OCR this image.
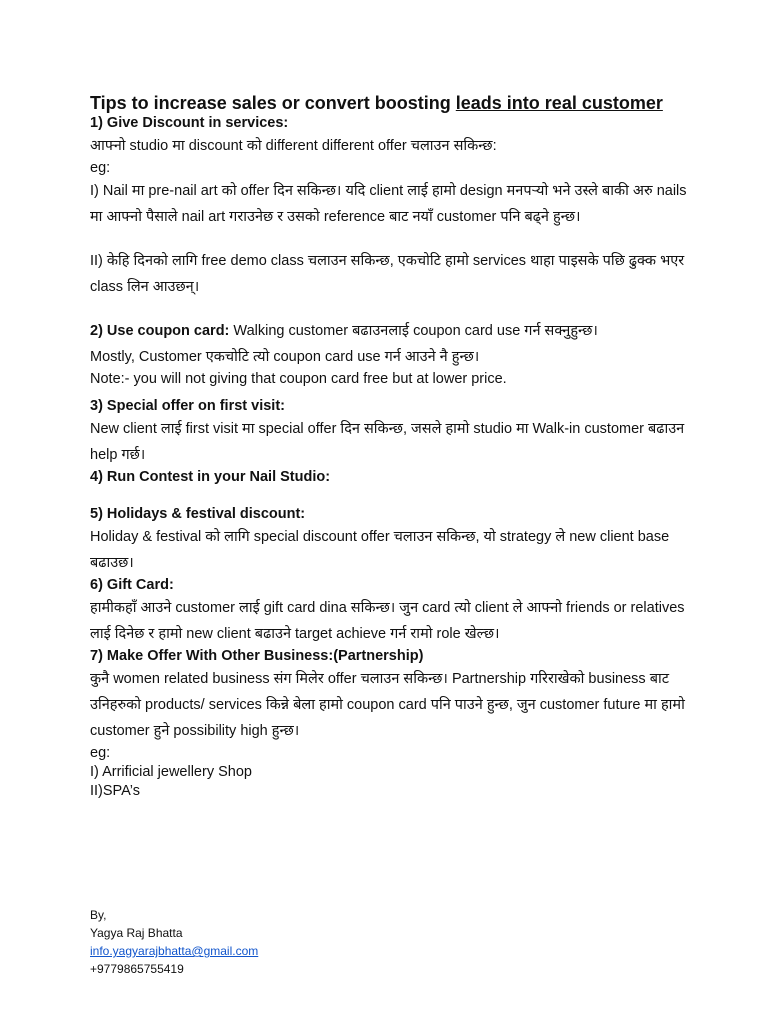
Tips to increase sales or convert boosting leads into real customer

1) Give Discount in services:

आफ्नो studio मा discount को different different offer चलाउन सकिन्छ:

eg:

I) Nail मा pre-nail art को offer दिन सकिन्छ। यदि client लाई हामो design मनपऱ्यो भने उस्ले बाकी अरु nails मा आफ्नो पैसाले nail art गराउनेछ र उसको reference बाट नयाँ customer पनि बढ्ने हुन्छ।

II) केहि दिनको लागि free demo class चलाउन सकिन्छ, एकचोटि हामो services थाहा पाइसके पछि ढुक्क भएर class लिन आउछन्।

2) Use coupon card: Walking customer बढाउनलाई coupon card use गर्न सक्नुहुन्छ।

Mostly, Customer एकचोटि त्यो coupon card use गर्न आउने नै हुन्छ।

Note:- you will not giving that coupon card free but at lower price.

3) Special offer on first visit:

New client लाई first visit मा special offer दिन सकिन्छ, जसले हामो studio मा Walk-in customer बढाउन help गर्छ।

4) Run Contest in your Nail Studio:

5) Holidays & festival discount:

Holiday & festival को लागि special discount offer चलाउन सकिन्छ, यो strategy ले new client base बढाउछ।

6) Gift Card:

हामीकहाँ आउने customer लाई gift card dina सकिन्छ। जुन card त्यो client ले आफ्नो friends or relatives लाई दिनेछ र हामो new client बढाउने target achieve गर्न रामो role खेल्छ।

7) Make Offer With Other Business:(Partnership)

कुनै women related business संग मिलेर offer चलाउन सकिन्छ। Partnership गरिराखेको business बाट उनिहरुको products/ services किन्ने बेला हामो coupon card पनि पाउने हुन्छ, जुन customer future मा हामो customer हुने possibility high हुन्छ।

eg:

I) Arrificial jewellery Shop

II)SPA’s

By,
Yagya Raj Bhatta
info.yagyarajbhatta@gmail.com
+9779865755419
